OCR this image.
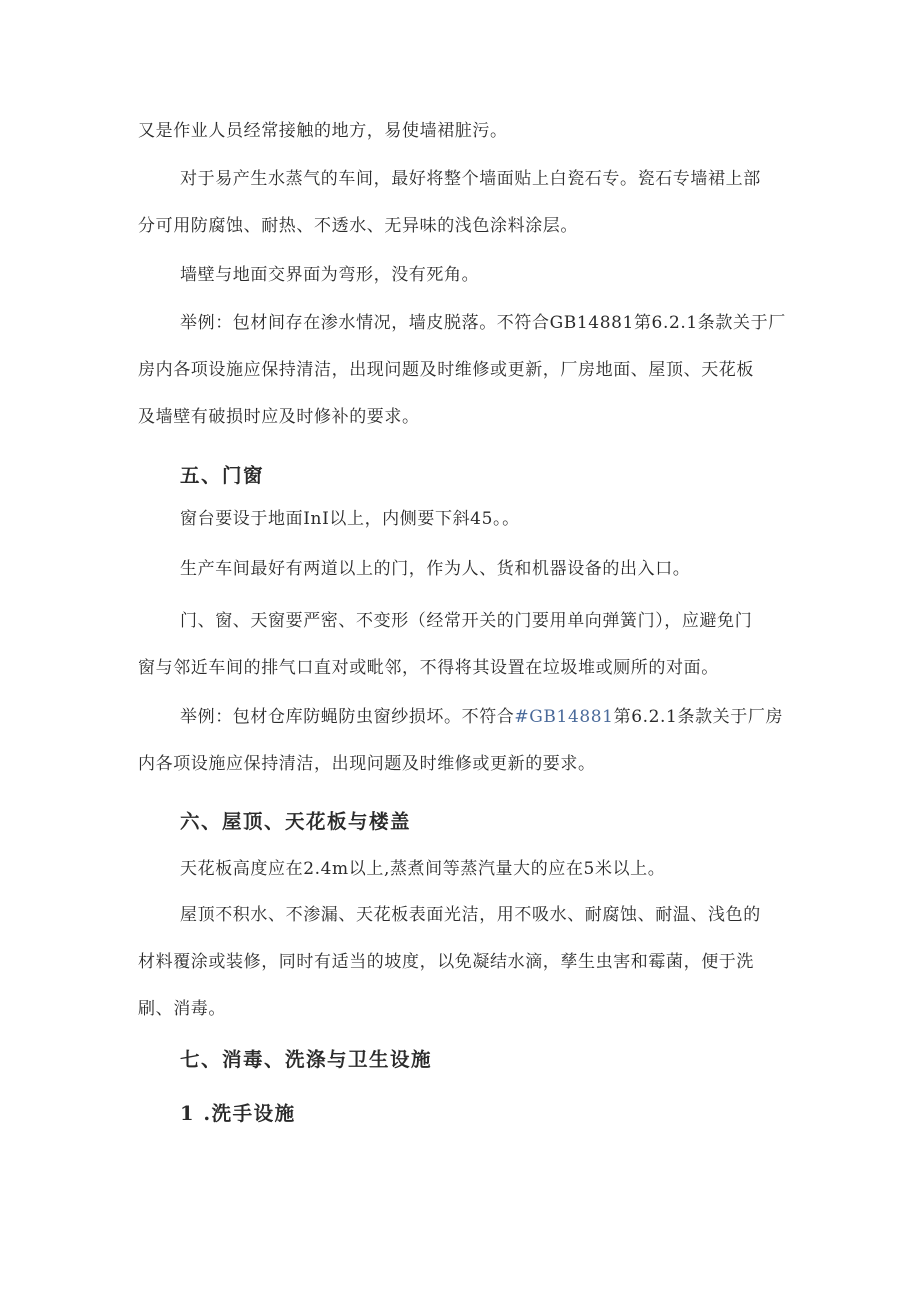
又是作业人员经常接触的地方，易使墙裙脏污。

对于易产生水蒸气的车间，最好将整个墙面贴上白瓷石专。瓷石专墙裙上部
分可用防腐蚀、耐热、不透水、无异味的浅色涂料涂层。

墙壁与地面交界面为弯形，没有死角。

举例：包材间存在渗水情况，墙皮脱落。不符合GB14881第6.2.1条款关于厂
房内各项设施应保持清洁，出现问题及时维修或更新，厂房地面、屋顶、天花板
及墙壁有破损时应及时修补的要求。

五、门窗

窗台要设于地面InI以上，内侧要下斜45。。

生产车间最好有两道以上的门，作为人、货和机器设备的出入口。

门、窗、天窗要严密、不变形（经常开关的门要用单向弹簧门），应避免门
窗与邻近车间的排气口直对或毗邻，不得将其设置在垃圾堆或厕所的对面。

举例：包材仓库防蝇防虫窗纱损坏。不符合#GB14881第6.2.1条款关于厂房
内各项设施应保持清洁，出现问题及时维修或更新的要求。

六、屋顶、天花板与楼盖

天花板高度应在2.4m以上,蒸煮间等蒸汽量大的应在5米以上。

屋顶不积水、不渗漏、天花板表面光洁，用不吸水、耐腐蚀、耐温、浅色的
材料覆涂或装修，同时有适当的坡度，以免凝结水滴，孳生虫害和霉菌，便于洗
刷、消毒。

七、消毒、洗涤与卫生设施
1 .洗手设施
